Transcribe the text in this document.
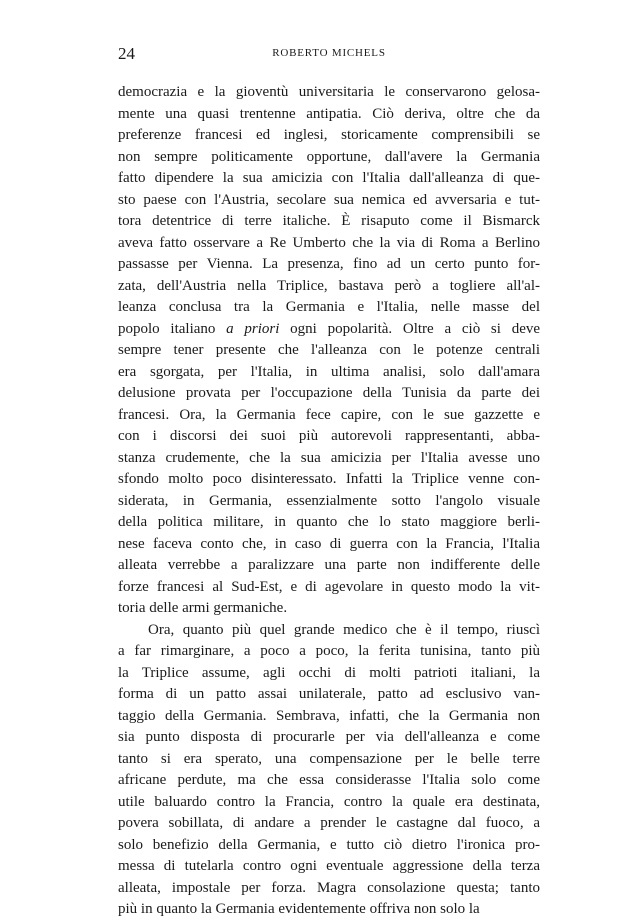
24	ROBERTO MICHELS
democrazia e la gioventù universitaria le conservarono gelosa-
mente una quasi trentenne antipatia. Ciò deriva, oltre che da
preferenze francesi ed inglesi, storicamente comprensibili se
non sempre politicamente opportune, dall'avere la Germania
fatto dipendere la sua amicizia con l'Italia dall'alleanza di que-
sto paese con l'Austria, secolare sua nemica ed avversaria e tut-
tora detentrice di terre italiche. È risaputo come il Bismarck
aveva fatto osservare a Re Umberto che la via di Roma a Berlino
passasse per Vienna. La presenza, fino ad un certo punto for-
zata, dell'Austria nella Triplice, bastava però a togliere all'al-
leanza conclusa tra la Germania e l'Italia, nelle masse del
popolo italiano a priori ogni popolarità. Oltre a ciò si deve
sempre tener presente che l'alleanza con le potenze centrali
era sgorgata, per l'Italia, in ultima analisi, solo dall'amara
delusione provata per l'occupazione della Tunisia da parte dei
francesi. Ora, la Germania fece capire, con le sue gazzette e
con i discorsi dei suoi più autorevoli rappresentanti, abba-
stanza crudemente, che la sua amicizia per l'Italia avesse uno
sfondo molto poco disinteressato. Infatti la Triplice venne con-
siderata, in Germania, essenzialmente sotto l'angolo visuale
della politica militare, in quanto che lo stato maggiore berli-
nese faceva conto che, in caso di guerra con la Francia, l'Italia
alleata verrebbe a paralizzare una parte non indifferente delle
forze francesi al Sud-Est, e di agevolare in questo modo la vit-
toria delle armi germaniche.
Ora, quanto più quel grande medico che è il tempo, riuscì
a far rimarginare, a poco a poco, la ferita tunisina, tanto più
la Triplice assume, agli occhi di molti patrioti italiani, la
forma di un patto assai unilaterale, patto ad esclusivo van-
taggio della Germania. Sembrava, infatti, che la Germania non
sia punto disposta di procurarle per via dell'alleanza e come
tanto si era sperato, una compensazione per le belle terre
africane perdute, ma che essa considerasse l'Italia solo come
utile baluardo contro la Francia, contro la quale era destinata,
povera sobillata, di andare a prender le castagne dal fuoco, a
solo benefizio della Germania, e tutto ciò dietro l'ironica pro-
messa di tutelarla contro ogni eventuale aggressione della terza
alleata, impostale per forza. Magra consolazione questa; tanto
più in quanto la Germania evidentemente offriva non solo la
